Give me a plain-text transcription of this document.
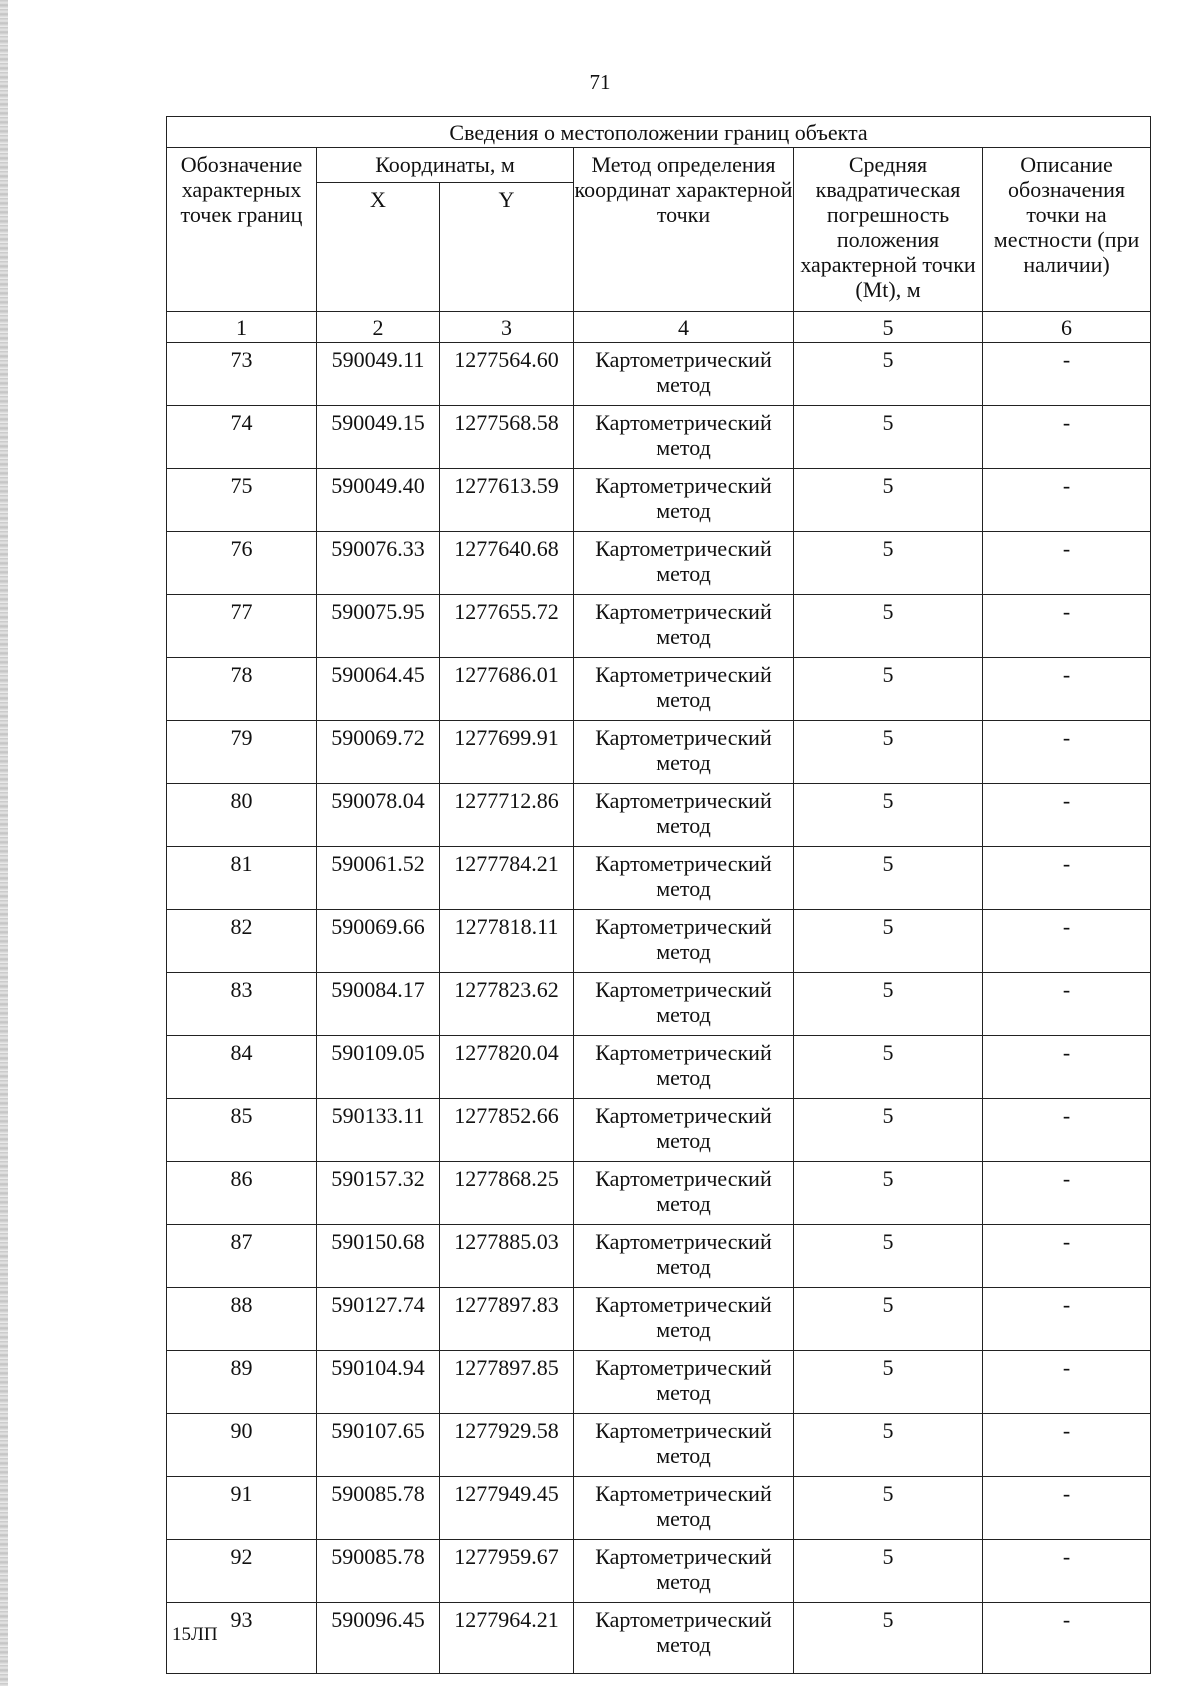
71
Сведения о местоположении границ объекта					
Обозначение характерных точек границ	Координаты, м		Метод определения координат характерной точки	Средняя квадратическая погрешность положения характерной точки (Mt), м	Описание обозначения точки на местности (при наличии)
	X	Y			
1	2	3	4	5	6
73	590049.11	1277564.60	Картометрический метод	5	-
74	590049.15	1277568.58	Картометрический метод	5	-
75	590049.40	1277613.59	Картометрический метод	5	-
76	590076.33	1277640.68	Картометрический метод	5	-
77	590075.95	1277655.72	Картометрический метод	5	-
78	590064.45	1277686.01	Картометрический метод	5	-
79	590069.72	1277699.91	Картометрический метод	5	-
80	590078.04	1277712.86	Картометрический метод	5	-
81	590061.52	1277784.21	Картометрический метод	5	-
82	590069.66	1277818.11	Картометрический метод	5	-
83	590084.17	1277823.62	Картометрический метод	5	-
84	590109.05	1277820.04	Картометрический метод	5	-
85	590133.11	1277852.66	Картометрический метод	5	-
86	590157.32	1277868.25	Картометрический метод	5	-
87	590150.68	1277885.03	Картометрический метод	5	-
88	590127.74	1277897.83	Картометрический метод	5	-
89	590104.94	1277897.85	Картометрический метод	5	-
90	590107.65	1277929.58	Картометрический метод	5	-
91	590085.78	1277949.45	Картометрический метод	5	-
92	590085.78	1277959.67	Картометрический метод	5	-
93	590096.45	1277964.21	Картометрический метод	5	-
15ЛП
